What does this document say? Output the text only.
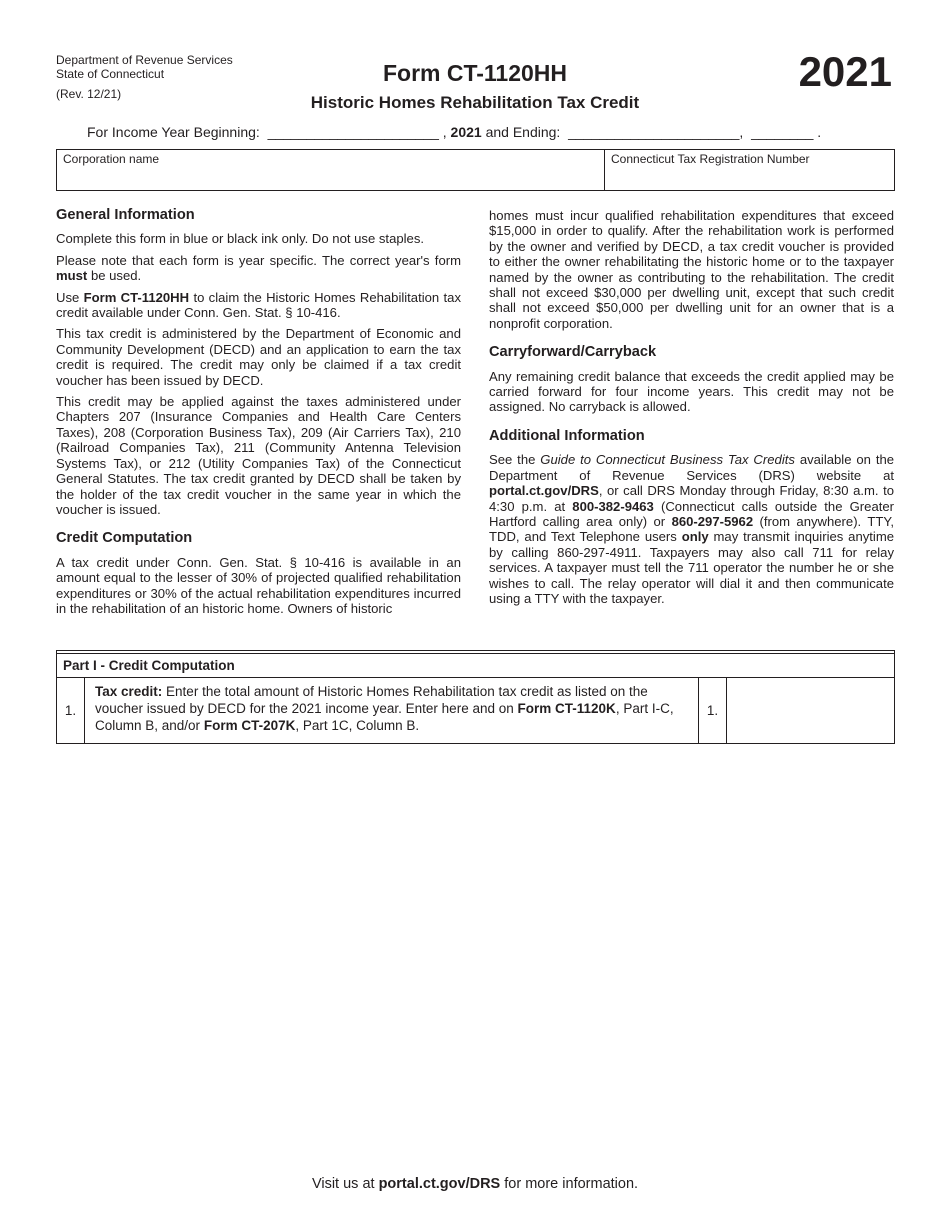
Department of Revenue Services
State of Connecticut
(Rev. 12/21)
Form CT-1120HH
Historic Homes Rehabilitation Tax Credit
2021
For Income Year Beginning: ______________________ , 2021 and Ending: ______________________, ________ .
Corporation name	Connecticut Tax Registration Number
General Information

Complete this form in blue or black ink only. Do not use staples.

Please note that each form is year specific. The correct year's form must be used.

Use Form CT-1120HH to claim the Historic Homes Rehabilitation tax credit available under Conn. Gen. Stat. § 10-416.

This tax credit is administered by the Department of Economic and Community Development (DECD) and an application to earn the tax credit is required. The credit may only be claimed if a tax credit voucher has been issued by DECD.

This credit may be applied against the taxes administered under Chapters 207 (Insurance Companies and Health Care Centers Taxes), 208 (Corporation Business Tax), 209 (Air Carriers Tax), 210 (Railroad Companies Tax), 211 (Community Antenna Television Systems Tax), or 212 (Utility Companies Tax) of the Connecticut General Statutes. The tax credit granted by DECD shall be taken by the holder of the tax credit voucher in the same year in which the voucher is issued.

Credit Computation

A tax credit under Conn. Gen. Stat. § 10-416 is available in an amount equal to the lesser of 30% of projected qualified rehabilitation expenditures or 30% of the actual rehabilitation expenditures incurred in the rehabilitation of an historic home. Owners of historic

homes must incur qualified rehabilitation expenditures that exceed $15,000 in order to qualify. After the rehabilitation work is performed by the owner and verified by DECD, a tax credit voucher is provided to either the owner rehabilitating the historic home or to the taxpayer named by the owner as contributing to the rehabilitation. The credit shall not exceed $30,000 per dwelling unit, except that such credit shall not exceed $50,000 per dwelling unit for an owner that is a nonprofit corporation.

Carryforward/Carryback

Any remaining credit balance that exceeds the credit applied may be carried forward for four income years. This credit may not be assigned. No carryback is allowed.

Additional Information

See the Guide to Connecticut Business Tax Credits available on the Department of Revenue Services (DRS) website at portal.ct.gov/DRS, or call DRS Monday through Friday, 8:30 a.m. to 4:30 p.m. at 800-382-9463 (Connecticut calls outside the Greater Hartford calling area only) or 860-297-5962 (from anywhere). TTY, TDD, and Text Telephone users only may transmit inquiries anytime by calling 860-297-4911. Taxpayers may also call 711 for relay services. A taxpayer must tell the 711 operator the number he or she wishes to call. The relay operator will dial it and then communicate using a TTY with the taxpayer.

Part I - Credit Computation
1.
Tax credit: Enter the total amount of Historic Homes Rehabilitation tax credit as listed on the voucher issued by DECD for the 2021 income year. Enter here and on Form CT-1120K, Part I-C, Column B, and/or Form CT-207K, Part 1C, Column B.
1.
Visit us at portal.ct.gov/DRS for more information.
